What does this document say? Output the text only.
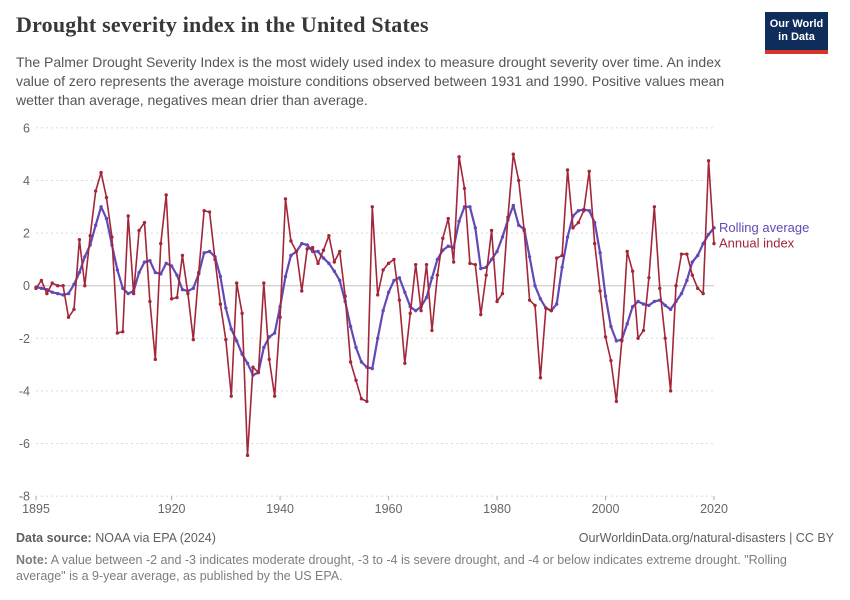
Drought severity index in the United States
The Palmer Drought Severity Index is the most widely used index to measure drought severity over time. An index value of zero represents the average moisture conditions observed between 1931 and 1990. Positive values mean wetter than average, negatives mean drier than average.
Our World
in Data
6
4
2
0
-2
-4
-6
-8
1895	1920	1940	1960	1980	2000	2020
Rolling average
Annual index
Data source: NOAA via EPA (2024)	OurWorldinData.org/natural-disasters | CC BY
Note: A value between -2 and -3 indicates moderate drought, -3 to -4 is severe drought, and -4 or below indicates extreme drought. "Rolling average" is a 9-year average, as published by the US EPA.
